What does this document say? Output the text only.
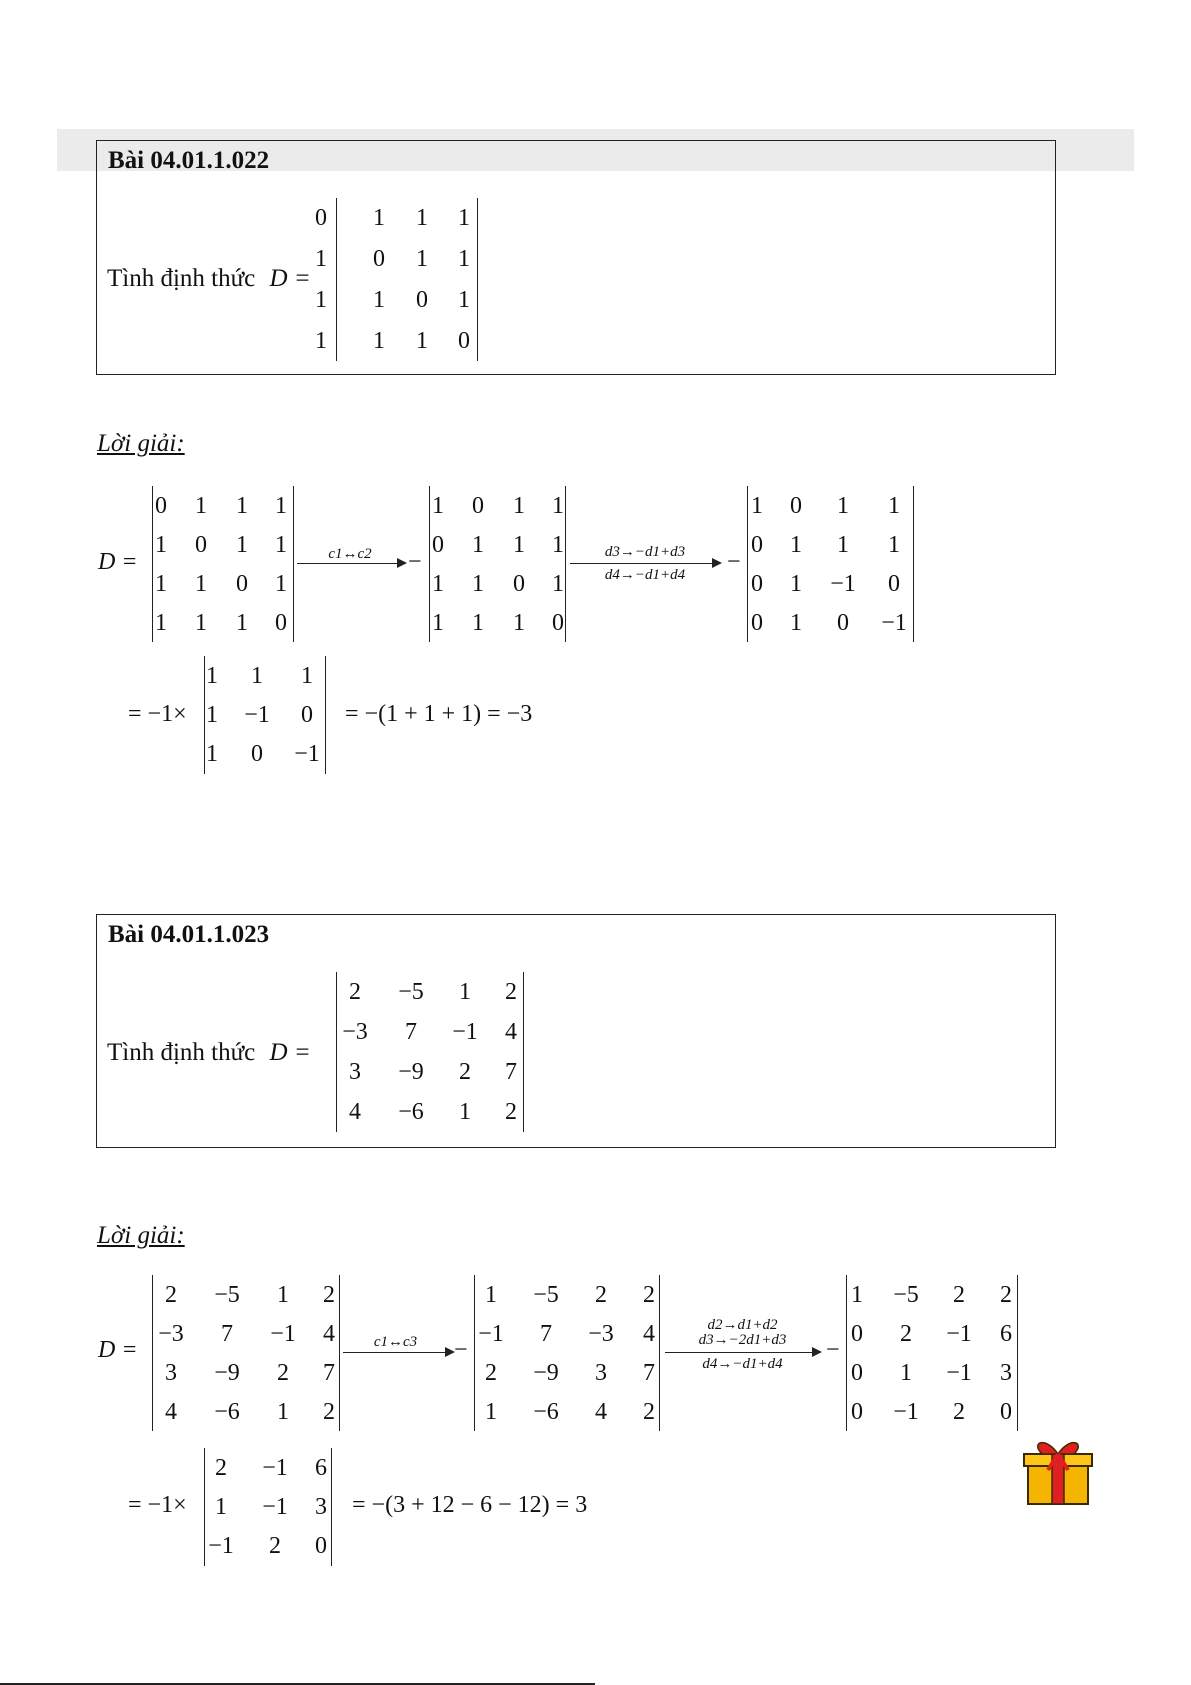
Bài 04.01.1.022
Tình định thức D =
0	1	1	1
1	0	1	1
1	1	0	1
1	1	1	0
Lời giải:
D =
0	1	1	1
1	0	1	1
1	1	0	1
1	1	1	0
c1↔c2	−
1	0	1	1
0	1	1	1
1	1	0	1
1	1	1	0
d3→−d1+d3
d4→−d1+d4	−
1	0	1	1
0	1	1	1
0	1	−1	0
0	1	0	−1
= −1×
1	1	1
1	−1	0
1	0	−1
= −(1 + 1 + 1) = −3
Bài 04.01.1.023
Tình định thức D =
2	−5	1	2
−3	7	−1	4
3	−9	2	7
4	−6	1	2
Lời giải:
D =
2	−5	1	2
−3	7	−1	4
3	−9	2	7
4	−6	1	2
c1↔c3	−
1	−5	2	2
−1	7	−3	4
2	−9	3	7
1	−6	4	2
d2→d1+d2
d3→−2d1+d3
d4→−d1+d4
−
1	−5	2	2
0	2	−1	6
0	1	−1	3
0	−1	2	0
= −1×
2	−1	6
1	−1	3
−1	2	0
= −(3 + 12 − 6 − 12) = 3
